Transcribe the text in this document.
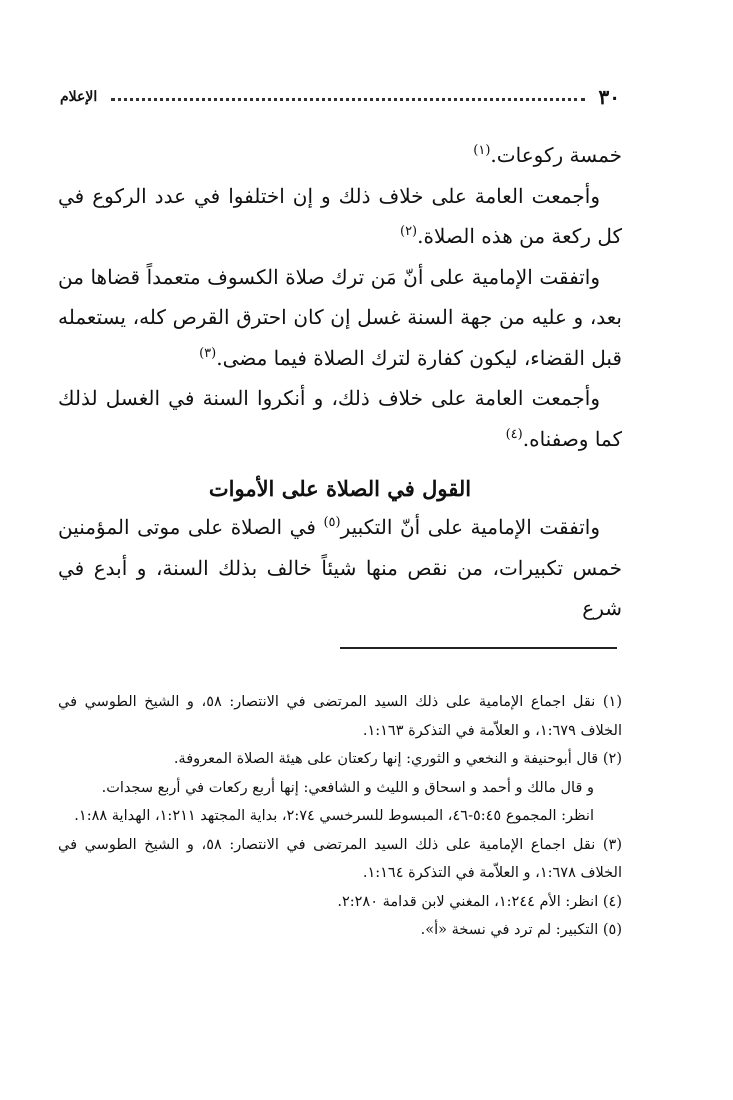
٣٠
الإعلام

خمسة ركوعات.$^{(١)}$

وأجمعت العامة على خلاف ذلك و إن اختلفوا في عدد الركوع في كل ركعة من هذه الصلاة.$^{(٢)}$

واتفقت الإمامية على أنّ مَن ترك صلاة الكسوف متعمداً قضاها من بعد، و عليه من جهة السنة غسل إن كان احترق القرص كله، يستعمله قبل القضاء، ليكون كفارة لترك الصلاة فيما مضى.$^{(٣)}$

وأجمعت العامة على خلاف ذلك، و أنكروا السنة في الغسل لذلك كما وصفناه.$^{(٤)}$

القول في الصلاة على الأموات

واتفقت الإمامية على أنّ التكبير$^{(٥)}$ في الصلاة على موتى المؤمنين خمس تكبيرات، من نقص منها شيئاً خالف بذلك السنة، و أبدع في شرع

(١) نقل اجماع الإمامية على ذلك السيد المرتضى في الانتصار: ٥٨، و الشيخ الطوسي في الخلاف ١:٦٧٩، و العلاّمة في التذكرة ١:١٦٣.

(٢) قال أبوحنيفة و النخعي و الثوري: إنها ركعتان على هيئة الصلاة المعروفة.

و قال مالك و أحمد و اسحاق و الليث و الشافعي: إنها أربع ركعات في أربع سجدات.

انظر: المجموع ٥:٤٥-٤٦، المبسوط للسرخسي ٢:٧٤، بداية المجتهد ١:٢١١، الهداية ١:٨٨.

(٣) نقل اجماع الإمامية على ذلك السيد المرتضى في الانتصار: ٥٨، و الشيخ الطوسي في الخلاف ١:٦٧٨، و العلاّمة في التذكرة ١:١٦٤.

(٤) انظر: الأم ١:٢٤٤، المغني لابن قدامة ٢:٢٨٠.

(٥) التكبير: لم ترد في نسخة «أ».
